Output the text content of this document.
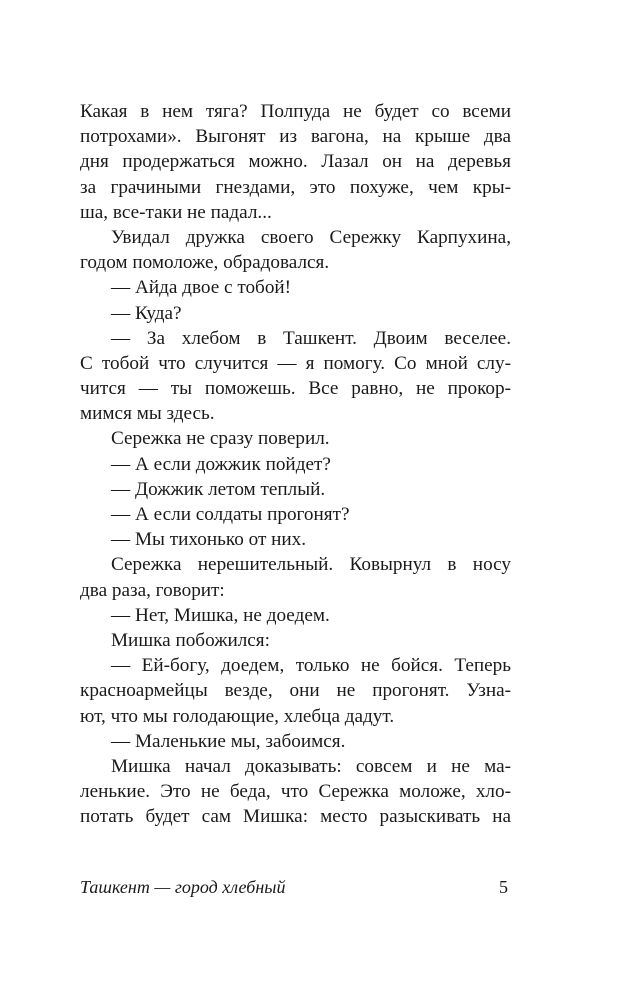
Какая в нем тяга? Полпуда не будет со всеми
потрохами». Выгонят из вагона, на крыше два
дня продержаться можно. Лазал он на деревья
за грачиными гнездами, это похуже, чем кры-
ша, все-таки не падал...
Увидал дружка своего Сережку Карпухина,
годом помоложе, обрадовался.
— Айда двое с тобой!
— Куда?
— За хлебом в Ташкент. Двоим веселее.
С тобой что случится — я помогу. Со мной слу-
чится — ты поможешь. Все равно, не прокор-
мимся мы здесь.
Сережка не сразу поверил.
— А если дожжик пойдет?
— Дожжик летом теплый.
— А если солдаты прогонят?
— Мы тихонько от них.
Сережка нерешительный. Ковырнул в носу
два раза, говорит:
— Нет, Мишка, не доедем.
Мишка побожился:
— Ей-богу, доедем, только не бойся. Теперь
красноармейцы везде, они не прогонят. Узна-
ют, что мы голодающие, хлебца дадут.
— Маленькие мы, забоимся.
Мишка начал доказывать: совсем и не ма-
ленькие. Это не беда, что Сережка моложе, хло-
потать будет сам Мишка: место разыскивать на
Ташкент — город хлебный	5
